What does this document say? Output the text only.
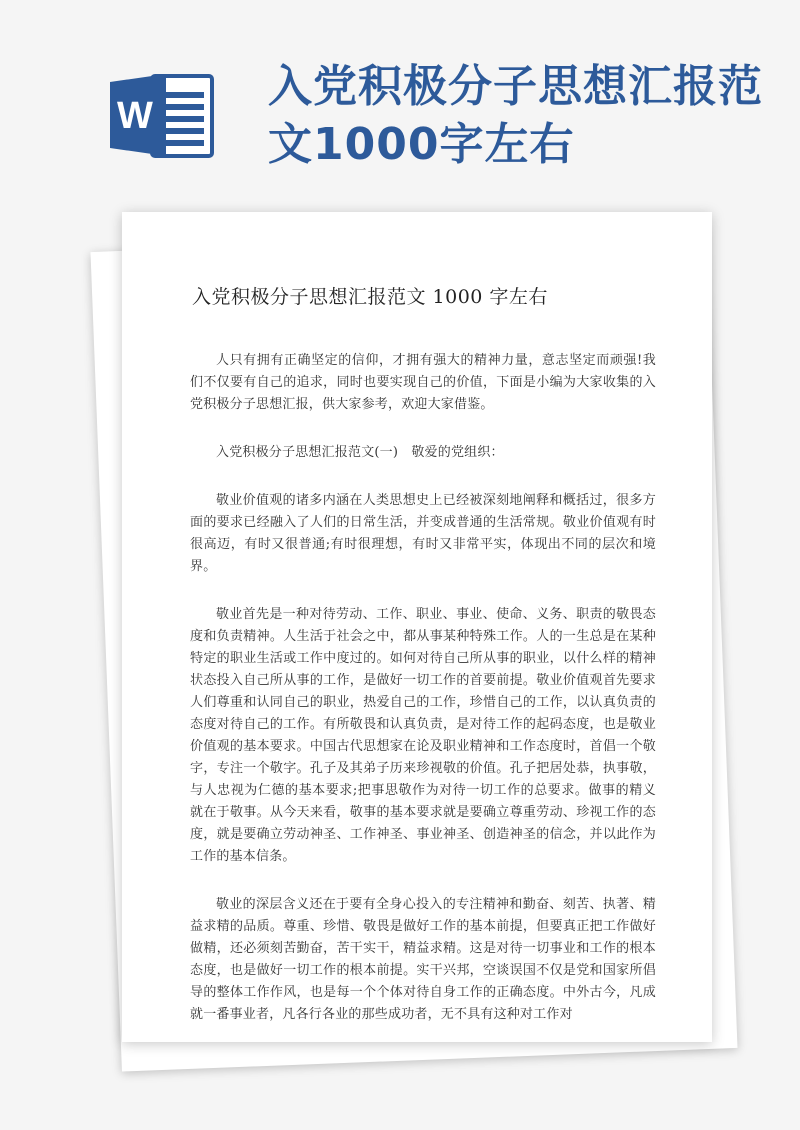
W
入党积极分子思想汇报范文1000字左右
入党积极分子思想汇报范文 1000 字左右

人只有拥有正确坚定的信仰，才拥有强大的精神力量，意志坚定而顽强!我们不仅要有自己的追求，同时也要实现自己的价值，下面是小编为大家收集的入党积极分子思想汇报，供大家参考，欢迎大家借鉴。

入党积极分子思想汇报范文(一)　敬爱的党组织：

敬业价值观的诸多内涵在人类思想史上已经被深刻地阐释和概括过，很多方面的要求已经融入了人们的日常生活，并变成普通的生活常规。敬业价值观有时很高迈，有时又很普通;有时很理想，有时又非常平实，体现出不同的层次和境界。

敬业首先是一种对待劳动、工作、职业、事业、使命、义务、职责的敬畏态度和负责精神。人生活于社会之中，都从事某种特殊工作。人的一生总是在某种特定的职业生活或工作中度过的。如何对待自己所从事的职业，以什么样的精神状态投入自己所从事的工作，是做好一切工作的首要前提。敬业价值观首先要求人们尊重和认同自己的职业，热爱自己的工作，珍惜自己的工作，以认真负责的态度对待自己的工作。有所敬畏和认真负责，是对待工作的起码态度，也是敬业价值观的基本要求。中国古代思想家在论及职业精神和工作态度时，首倡一个敬字，专注一个敬字。孔子及其弟子历来珍视敬的价值。孔子把居处恭，执事敬，与人忠视为仁德的基本要求;把事思敬作为对待一切工作的总要求。做事的精义就在于敬事。从今天来看，敬事的基本要求就是要确立尊重劳动、珍视工作的态度，就是要确立劳动神圣、工作神圣、事业神圣、创造神圣的信念，并以此作为工作的基本信条。

敬业的深层含义还在于要有全身心投入的专注精神和勤奋、刻苦、执著、精益求精的品质。尊重、珍惜、敬畏是做好工作的基本前提，但要真正把工作做好做精，还必须刻苦勤奋，苦干实干，精益求精。这是对待一切事业和工作的根本态度，也是做好一切工作的根本前提。实干兴邦，空谈误国不仅是党和国家所倡导的整体工作作风，也是每一个个体对待自身工作的正确态度。中外古今，凡成就一番事业者，凡各行各业的那些成功者，无不具有这种对工作对
